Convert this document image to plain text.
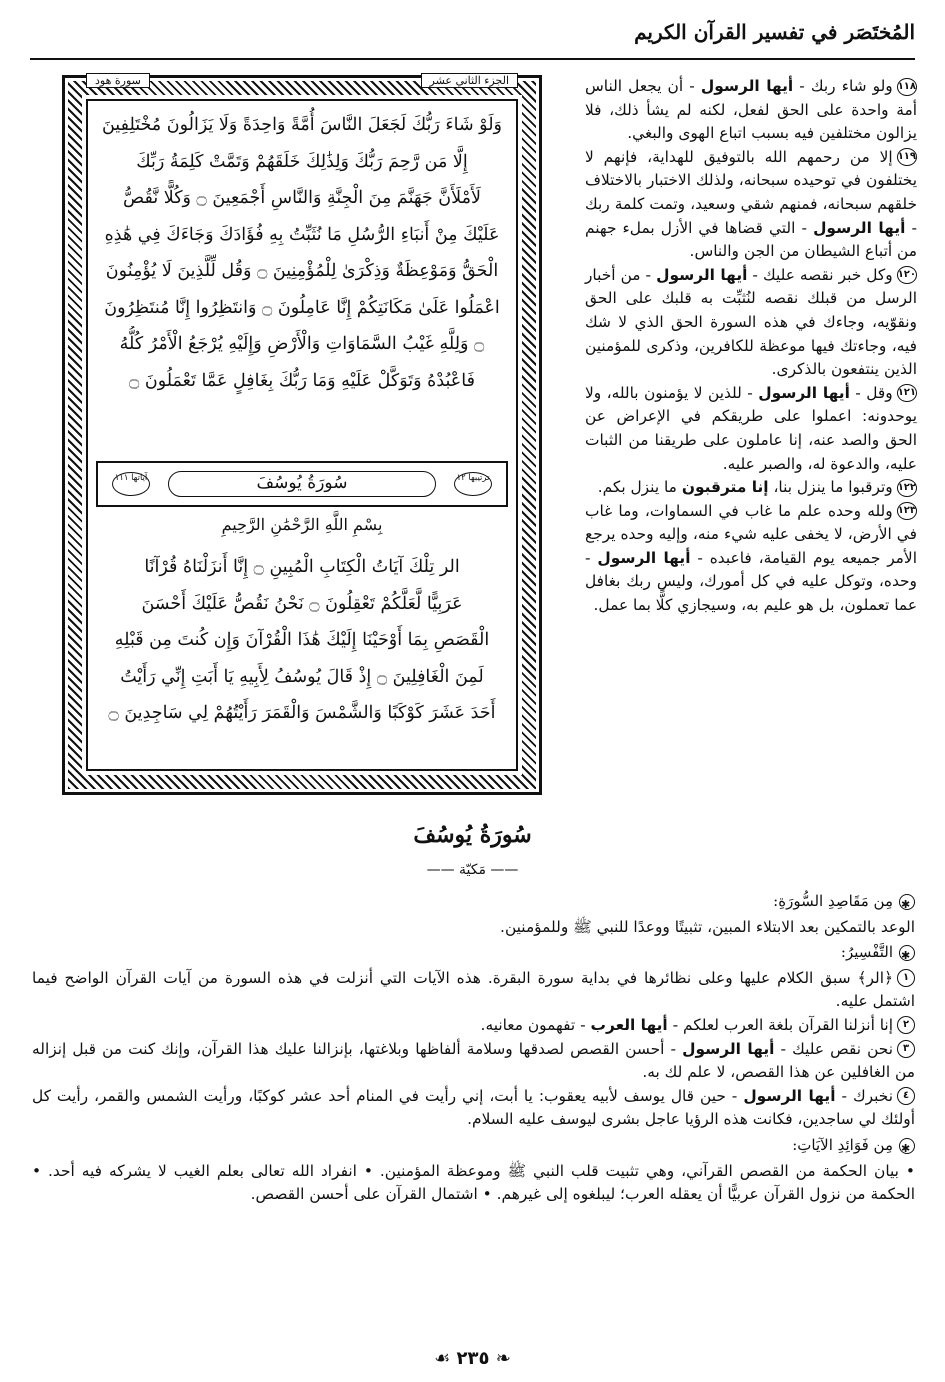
المُختَصَر في تفسير القرآن الكريم

١١٨ولو شاء ربك - أيها الرسول - أن يجعل الناس أمة واحدة على الحق لفعل، لكنه لم يشأ ذلك، فلا يزالون مختلفين فيه بسبب اتباع الهوى والبغي.

١١٩إلا من رحمهم الله بالتوفيق للهداية، فإنهم لا يختلفون في توحيده سبحانه، ولذلك الاختبار بالاختلاف خلقهم سبحانه، فمنهم شقي وسعيد، وتمت كلمة ربك - أيها الرسول - التي قضاها في الأزل بملء جهنم من أتباع الشيطان من الجن والناس.

١٢٠وكل خبر نقصه عليك - أيها الرسول - من أخبار الرسل من قبلك نقصه لنُثبِّت به قلبك على الحق ونقوّيه، وجاءك في هذه السورة الحق الذي لا شك فيه، وجاءتك فيها موعظة للكافرين، وذكرى للمؤمنين الذين ينتفعون بالذكرى.

١٢١وقل - أيها الرسول - للذين لا يؤمنون بالله، ولا يوحدونه: اعملوا على طريقكم في الإعراض عن الحق والصد عنه، إنا عاملون على طريقنا من الثبات عليه، والدعوة له، والصبر عليه.

١٢٢وترقبوا ما ينزل بنا، إنا مترقبون ما ينزل بكم.

١٢٣ولله وحده علم ما غاب في السماوات، وما غاب في الأرض، لا يخفى عليه شيء منه، وإليه وحده يرجع الأمر جميعه يوم القيامة، فاعبده - أيها الرسول - وحده، وتوكل عليه في كل أمورك، وليس ربك بغافل عما تعملون، بل هو عليم به، وسيجازي كلًّا بما عمل.

الجزء الثاني عشر
سورة هود
وَلَوْ شَاءَ رَبُّكَ لَجَعَلَ النَّاسَ أُمَّةً وَاحِدَةً وَلَا يَزَالُونَ مُخْتَلِفِينَ
إِلَّا مَن رَّحِمَ رَبُّكَ وَلِذَٰلِكَ خَلَقَهُمْ وَتَمَّتْ كَلِمَةُ رَبِّكَ
لَأَمْلَأَنَّ جَهَنَّمَ مِنَ الْجِنَّةِ وَالنَّاسِ أَجْمَعِينَ ۝ وَكُلًّا نَّقُصُّ
عَلَيْكَ مِنْ أَنبَاءِ الرُّسُلِ مَا نُثَبِّتُ بِهِ فُؤَادَكَ وَجَاءَكَ فِي هَٰذِهِ
الْحَقُّ وَمَوْعِظَةٌ وَذِكْرَىٰ لِلْمُؤْمِنِينَ ۝ وَقُل لِّلَّذِينَ لَا يُؤْمِنُونَ
اعْمَلُوا عَلَىٰ مَكَانَتِكُمْ إِنَّا عَامِلُونَ ۝ وَانتَظِرُوا إِنَّا مُنتَظِرُونَ
۝ وَلِلَّهِ غَيْبُ السَّمَاوَاتِ وَالْأَرْضِ وَإِلَيْهِ يُرْجَعُ الْأَمْرُ كُلُّهُ
فَاعْبُدْهُ وَتَوَكَّلْ عَلَيْهِ وَمَا رَبُّكَ بِغَافِلٍ عَمَّا تَعْمَلُونَ ۝
ترتيبها ١٢
سُورَةُ يُوسُفَ
آياتها ١١١
بِسْمِ اللَّهِ الرَّحْمَٰنِ الرَّحِيمِ
الر تِلْكَ آيَاتُ الْكِتَابِ الْمُبِينِ ۝ إِنَّا أَنزَلْنَاهُ قُرْآنًا
عَرَبِيًّا لَّعَلَّكُمْ تَعْقِلُونَ ۝ نَحْنُ نَقُصُّ عَلَيْكَ أَحْسَنَ
الْقَصَصِ بِمَا أَوْحَيْنَا إِلَيْكَ هَٰذَا الْقُرْآنَ وَإِن كُنتَ مِن قَبْلِهِ
لَمِنَ الْغَافِلِينَ ۝ إِذْ قَالَ يُوسُفُ لِأَبِيهِ يَا أَبَتِ إِنِّي رَأَيْتُ
أَحَدَ عَشَرَ كَوْكَبًا وَالشَّمْسَ وَالْقَمَرَ رَأَيْتُهُمْ لِي سَاجِدِينَ ۝
سُورَةُ يُوسُفَ
—— مَكيّة ——
✱مِن مَقَاصِدِ السُّورَةِ:

الوعد بالتمكين بعد الابتلاء المبين، تثبيتًا ووعدًا للنبي ﷺ وللمؤمنين.

✱التَّفْسِيرُ:

١﴿الر﴾ سبق الكلام عليها وعلى نظائرها في بداية سورة البقرة. هذه الآيات التي أنزلت في هذه السورة من آيات القرآن الواضح فيما اشتمل عليه.

٢إنا أنزلنا القرآن بلغة العرب لعلكم - أيها العرب - تفهمون معانيه.

٣نحن نقص عليك - أيها الرسول - أحسن القصص لصدقها وسلامة ألفاظها وبلاغتها، بإنزالنا عليك هذا القرآن، وإنك كنت من قبل إنزاله من الغافلين عن هذا القصص، لا علم لك به.

٤نخبرك - أيها الرسول - حين قال يوسف لأبيه يعقوب: يا أبت، إني رأيت في المنام أحد عشر كوكبًا، ورأيت الشمس والقمر، رأيت كل أولئك لي ساجدين، فكانت هذه الرؤيا عاجل بشرى ليوسف عليه السلام.

✱مِن فَوَائِدِ الآيَاتِ:

• بيان الحكمة من القصص القرآني، وهي تثبيت قلب النبي ﷺ وموعظة المؤمنين. • انفراد الله تعالى بعلم الغيب لا يشركه فيه أحد. • الحكمة من نزول القرآن عربيًّا أن يعقله العرب؛ ليبلغوه إلى غيرهم. • اشتمال القرآن على أحسن القصص.

❧ ٢٣٥ ☙
